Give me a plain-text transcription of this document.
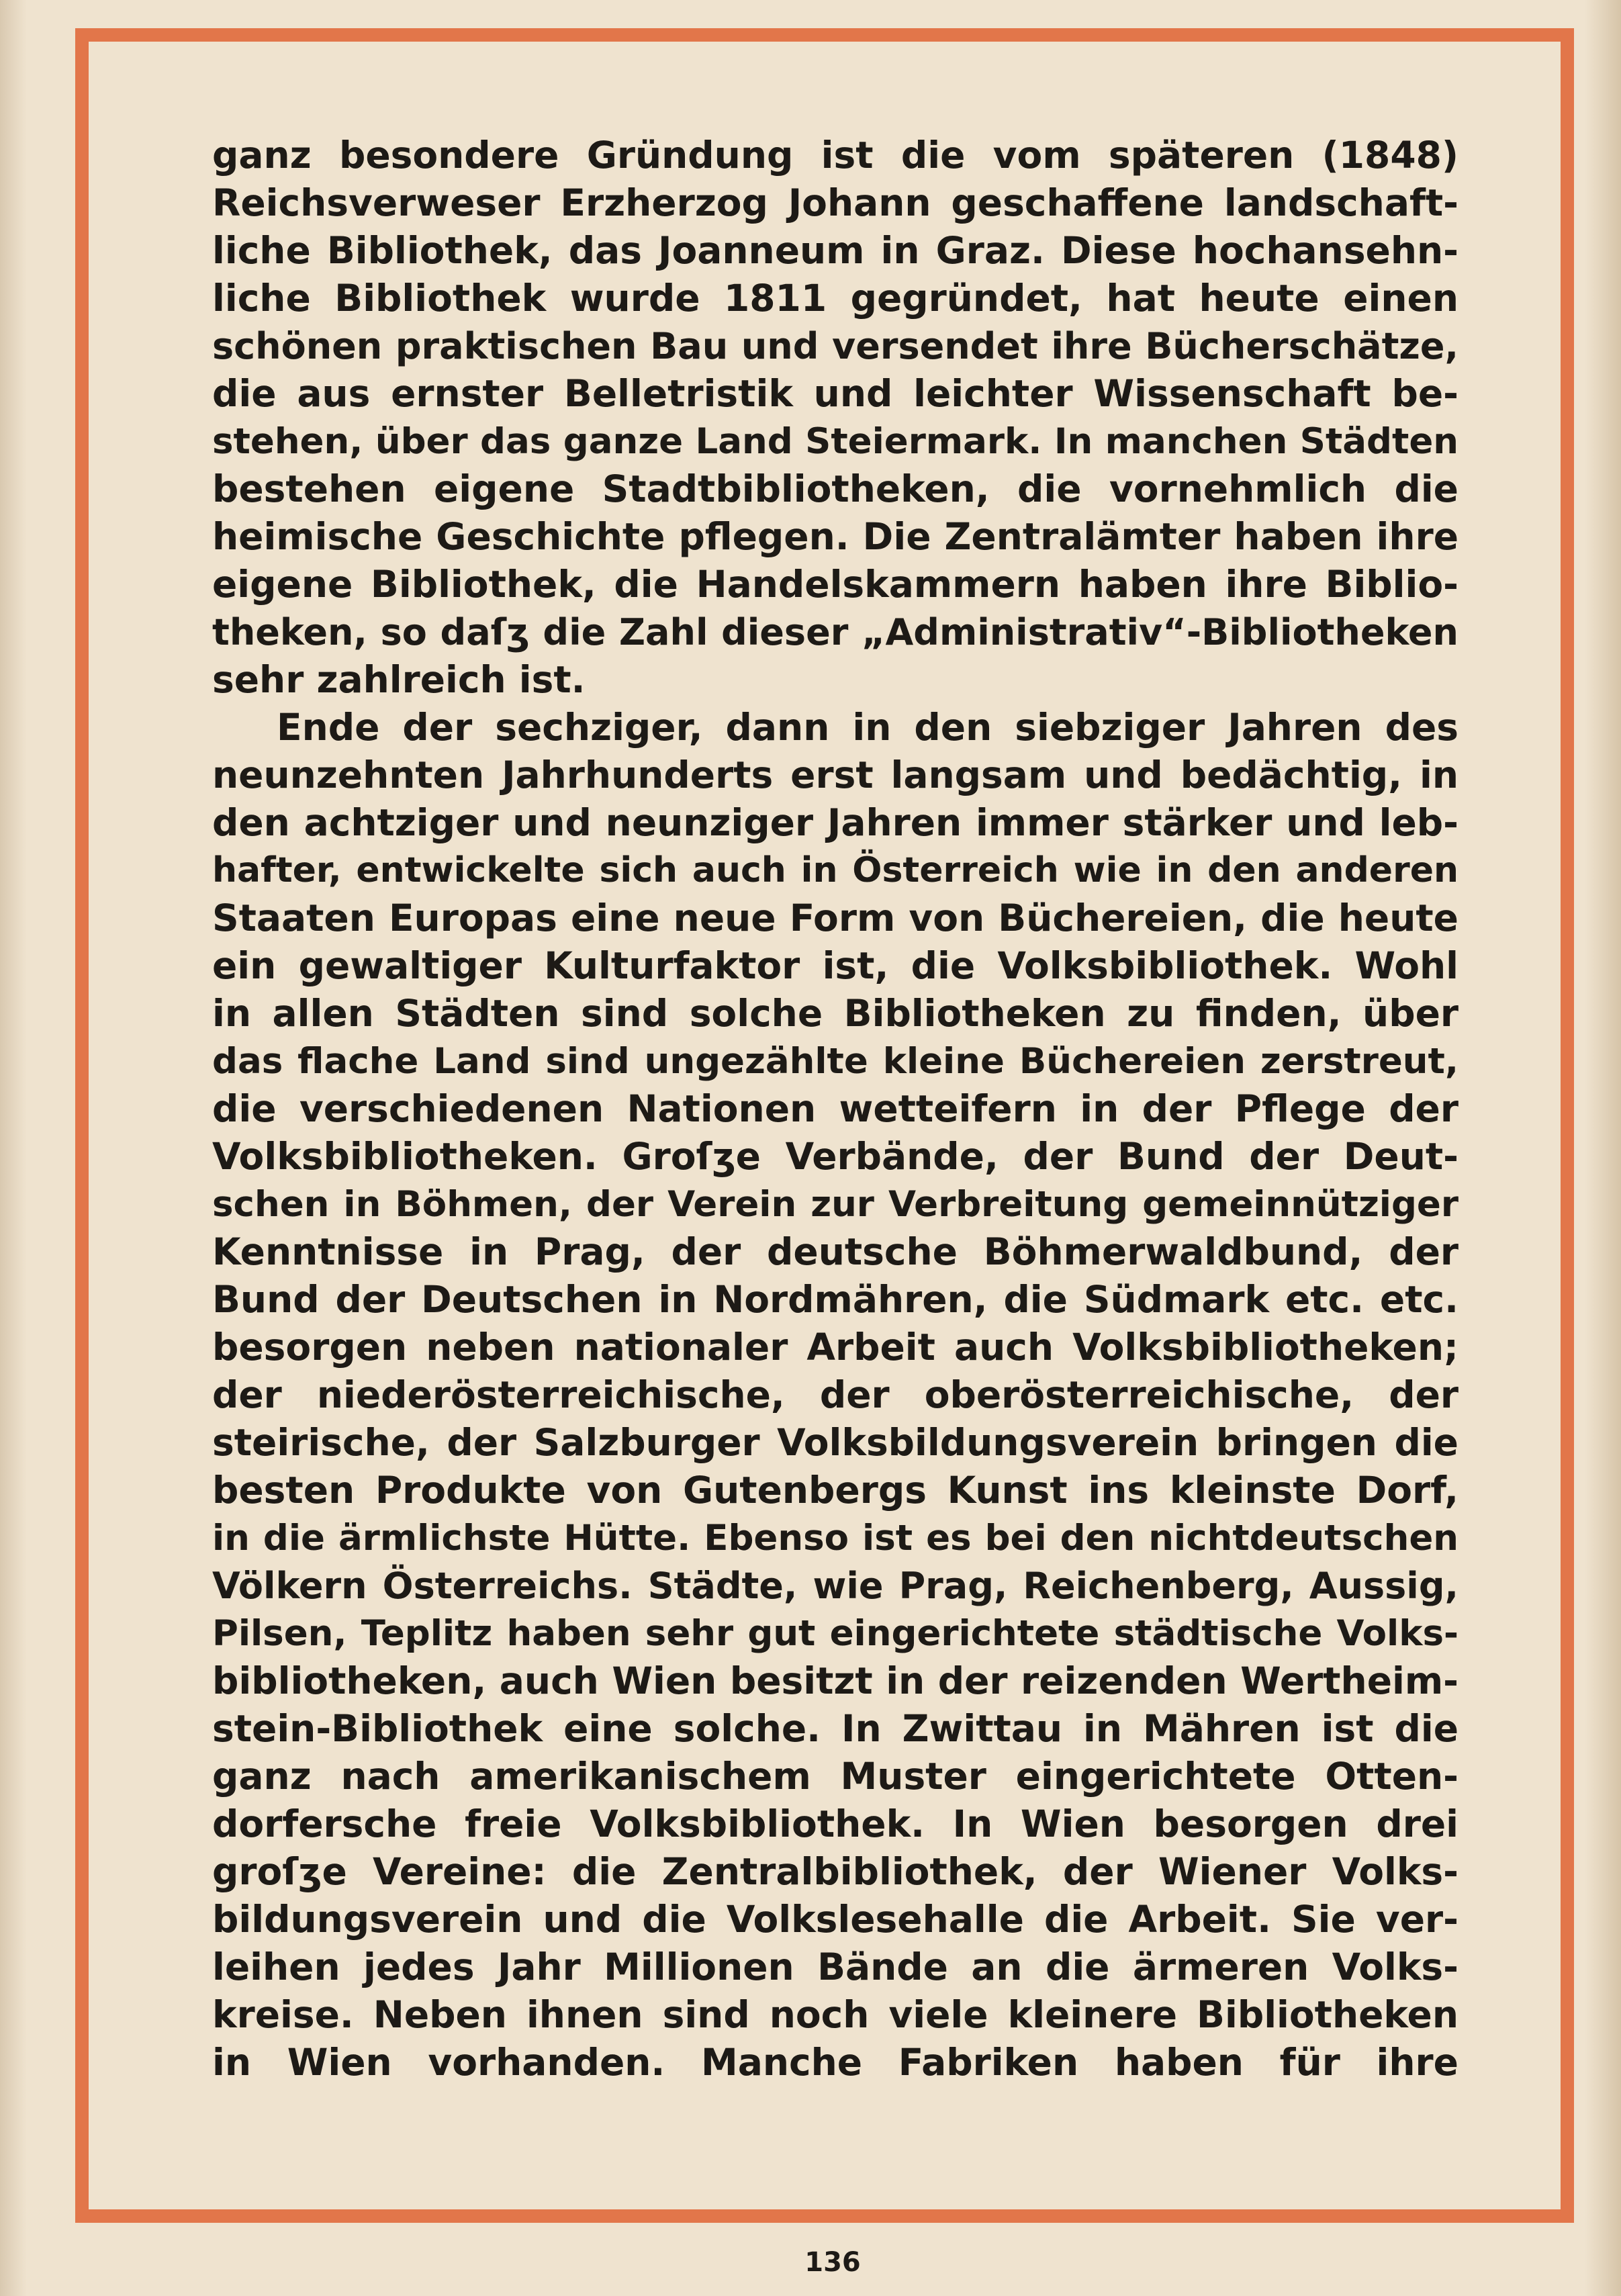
ganz besondere Gründung ist die vom späteren (1848)
Reichsverweser Erzherzog Johann geschaffene landschaft-
liche Bibliothek, das Joanneum in Graz. Diese hochansehn-
liche Bibliothek wurde 1811 gegründet, hat heute einen
schönen praktischen Bau und versendet ihre Bücherschätze,
die aus ernster Belletristik und leichter Wissenschaft be-
stehen, über das ganze Land Steiermark. In manchen Städten
bestehen eigene Stadtbibliotheken, die vornehmlich die
heimische Geschichte pflegen. Die Zentralämter haben ihre
eigene Bibliothek, die Handelskammern haben ihre Biblio-
theken, so daſʒ die Zahl dieser „Administrativ“-Bibliotheken
sehr zahlreich ist.
Ende der sechziger, dann in den siebziger Jahren des
neunzehnten Jahrhunderts erst langsam und bedächtig, in
den achtziger und neunziger Jahren immer stärker und leb-
hafter, entwickelte sich auch in Österreich wie in den anderen
Staaten Europas eine neue Form von Büchereien, die heute
ein gewaltiger Kulturfaktor ist, die Volksbibliothek. Wohl
in allen Städten sind solche Bibliotheken zu finden, über
das flache Land sind ungezählte kleine Büchereien zerstreut,
die verschiedenen Nationen wetteifern in der Pflege der
Volksbibliotheken. Groſʒe Verbände, der Bund der Deut-
schen in Böhmen, der Verein zur Verbreitung gemeinnütziger
Kenntnisse in Prag, der deutsche Böhmerwaldbund, der
Bund der Deutschen in Nordmähren, die Südmark etc. etc.
besorgen neben nationaler Arbeit auch Volksbibliotheken;
der niederösterreichische, der oberösterreichische, der
steirische, der Salzburger Volksbildungsverein bringen die
besten Produkte von Gutenbergs Kunst ins kleinste Dorf,
in die ärmlichste Hütte. Ebenso ist es bei den nichtdeutschen
Völkern Österreichs. Städte, wie Prag, Reichenberg, Aussig,
Pilsen, Teplitz haben sehr gut eingerichtete städtische Volks-
bibliotheken, auch Wien besitzt in der reizenden Wertheim-
stein-Bibliothek eine solche. In Zwittau in Mähren ist die
ganz nach amerikanischem Muster eingerichtete Otten-
dorfersche freie Volksbibliothek. In Wien besorgen drei
groſʒe Vereine: die Zentralbibliothek, der Wiener Volks-
bildungsverein und die Volkslesehalle die Arbeit. Sie ver-
leihen jedes Jahr Millionen Bände an die ärmeren Volks-
kreise. Neben ihnen sind noch viele kleinere Bibliotheken
in Wien vorhanden. Manche Fabriken haben für ihre
136
